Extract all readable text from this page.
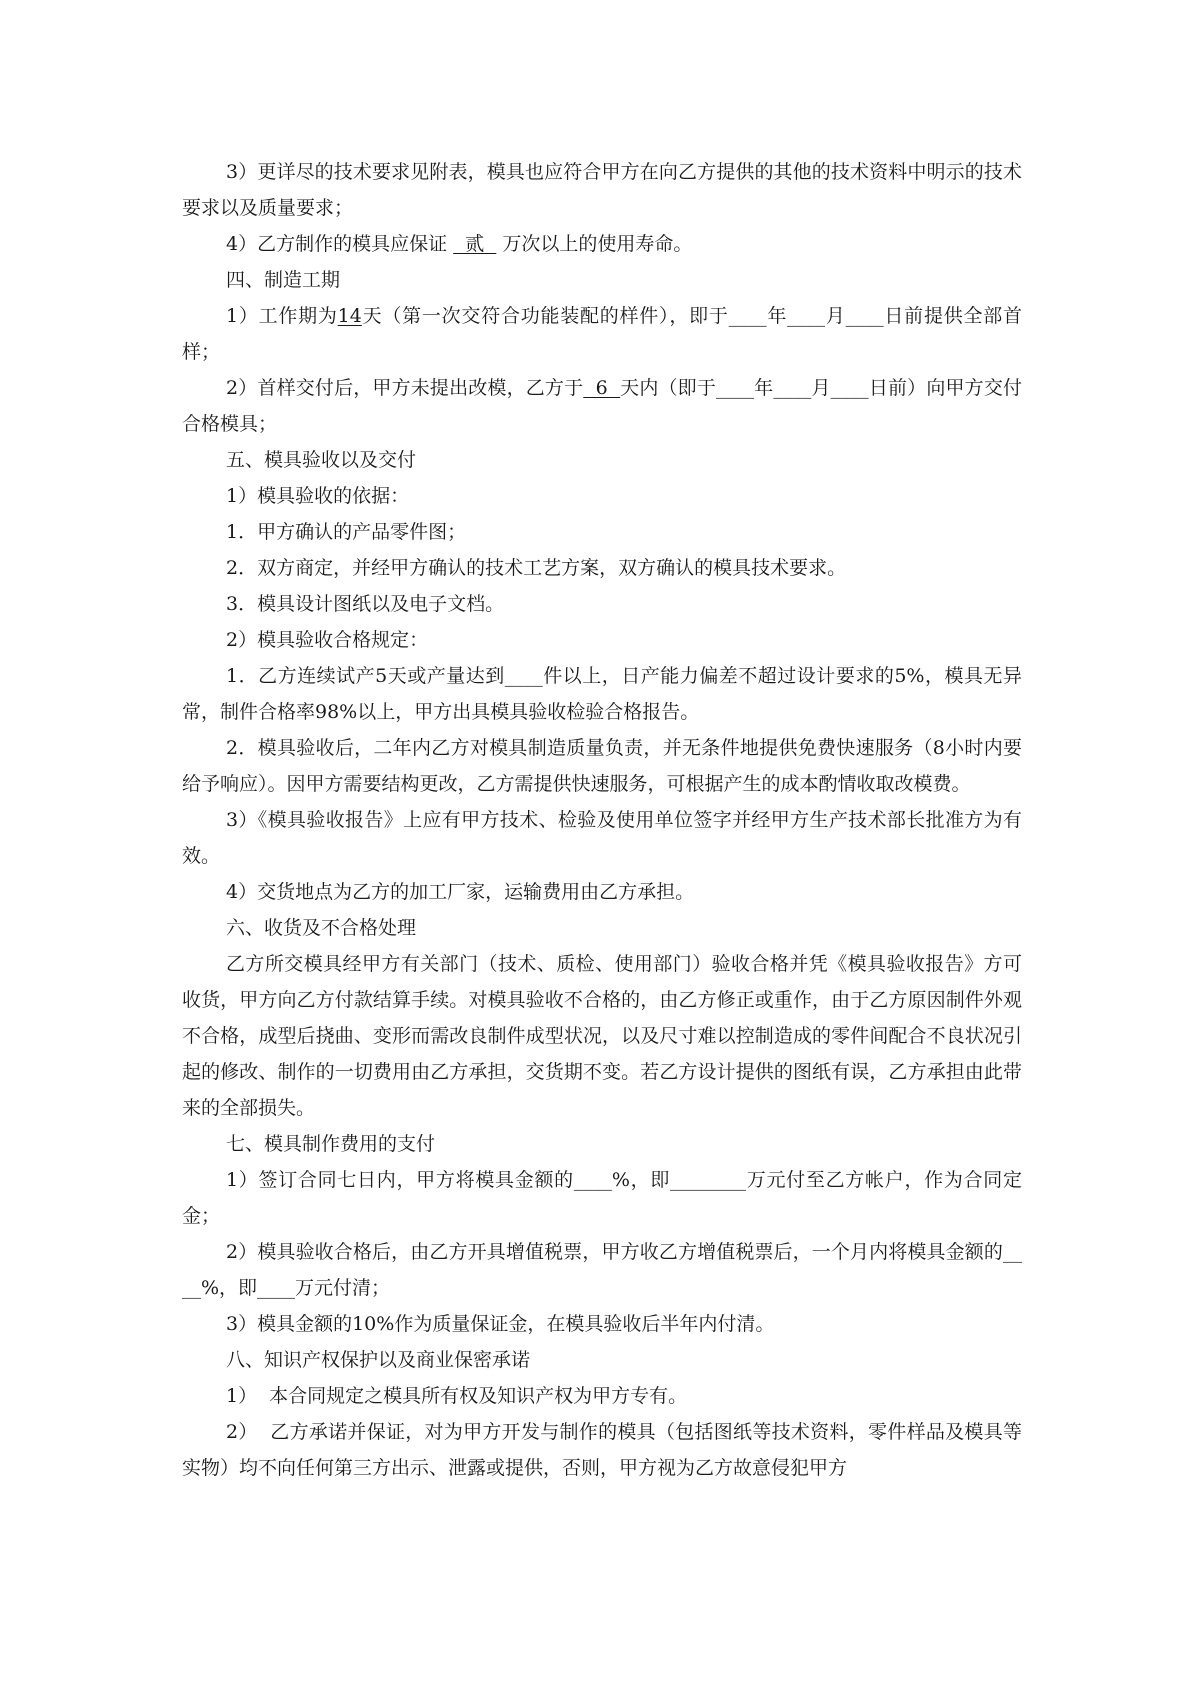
3）更详尽的技术要求见附表，模具也应符合甲方在向乙方提供的其他的技术资料中明示的技术要求以及质量要求；

4）乙方制作的模具应保证   贰   万次以上的使用寿命。

四、制造工期

1）工作期为14天（第一次交符合功能装配的样件），即于____年____月____日前提供全部首样；

2）首样交付后，甲方未提出改模，乙方于  6  天内（即于____年____月____日前）向甲方交付合格模具；

五、模具验收以及交付

1）模具验收的依据：

1．甲方确认的产品零件图；

2．双方商定，并经甲方确认的技术工艺方案，双方确认的模具技术要求。

3．模具设计图纸以及电子文档。

2）模具验收合格规定：

1．乙方连续试产5天或产量达到____件以上，日产能力偏差不超过设计要求的5%，模具无异常，制件合格率98%以上，甲方出具模具验收检验合格报告。

2．模具验收后，二年内乙方对模具制造质量负责，并无条件地提供免费快速服务（8小时内要给予响应）。因甲方需要结构更改，乙方需提供快速服务，可根据产生的成本酌情收取改模费。

3）《模具验收报告》上应有甲方技术、检验及使用单位签字并经甲方生产技术部长批准方为有效。

4）交货地点为乙方的加工厂家，运输费用由乙方承担。

六、收货及不合格处理

乙方所交模具经甲方有关部门（技术、质检、使用部门）验收合格并凭《模具验收报告》方可收货，甲方向乙方付款结算手续。对模具验收不合格的，由乙方修正或重作，由于乙方原因制件外观不合格，成型后挠曲、变形而需改良制件成型状况，以及尺寸难以控制造成的零件间配合不良状况引起的修改、制作的一切费用由乙方承担，交货期不变。若乙方设计提供的图纸有误，乙方承担由此带来的全部损失。

七、模具制作费用的支付

1）签订合同七日内，甲方将模具金额的____%，即________万元付至乙方帐户，作为合同定金；

2）模具验收合格后，由乙方开具增值税票，甲方收乙方增值税票后，一个月内将模具金额的____%，即____万元付清；

3）模具金额的10%作为质量保证金，在模具验收后半年内付清。

八、知识产权保护以及商业保密承诺

1）  本合同规定之模具所有权及知识产权为甲方专有。

2）  乙方承诺并保证，对为甲方开发与制作的模具（包括图纸等技术资料，零件样品及模具等实物）均不向任何第三方出示、泄露或提供，否则，甲方视为乙方故意侵犯甲方
